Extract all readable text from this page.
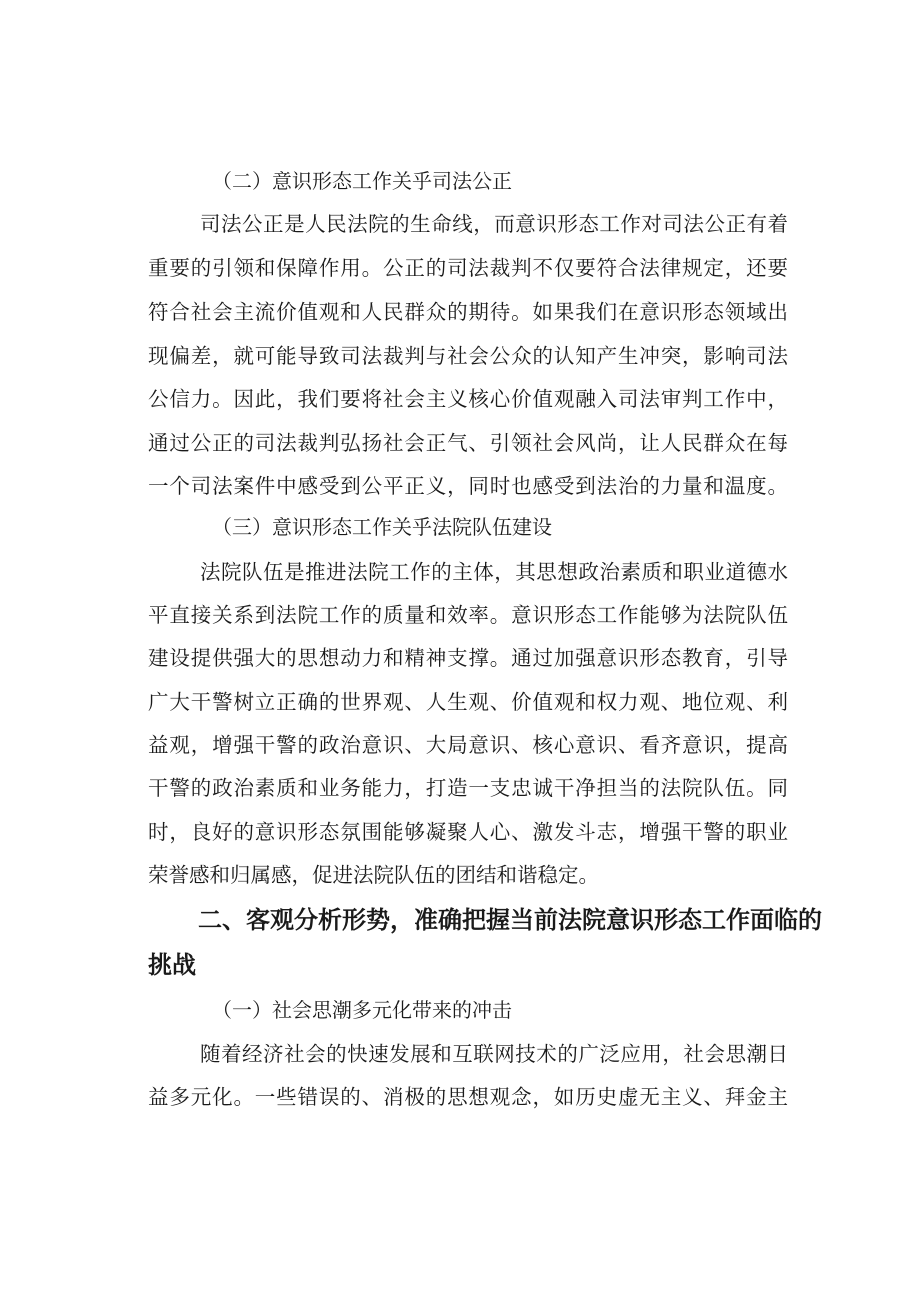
（二）意识形态工作关乎司法公正
司法公正是人民法院的生命线，而意识形态工作对司法公正有着
重要的引领和保障作用。公正的司法裁判不仅要符合法律规定，还要
符合社会主流价值观和人民群众的期待。如果我们在意识形态领域出
现偏差，就可能导致司法裁判与社会公众的认知产生冲突，影响司法
公信力。因此，我们要将社会主义核心价值观融入司法审判工作中，
通过公正的司法裁判弘扬社会正气、引领社会风尚，让人民群众在每
一个司法案件中感受到公平正义，同时也感受到法治的力量和温度。
（三）意识形态工作关乎法院队伍建设
法院队伍是推进法院工作的主体，其思想政治素质和职业道德水
平直接关系到法院工作的质量和效率。意识形态工作能够为法院队伍
建设提供强大的思想动力和精神支撑。通过加强意识形态教育，引导
广大干警树立正确的世界观、人生观、价值观和权力观、地位观、利
益观，增强干警的政治意识、大局意识、核心意识、看齐意识，提高
干警的政治素质和业务能力，打造一支忠诚干净担当的法院队伍。同
时，良好的意识形态氛围能够凝聚人心、激发斗志，增强干警的职业
荣誉感和归属感，促进法院队伍的团结和谐稳定。
二、客观分析形势，准确把握当前法院意识形态工作面临的
挑战
（一）社会思潮多元化带来的冲击
随着经济社会的快速发展和互联网技术的广泛应用，社会思潮日
益多元化。一些错误的、消极的思想观念，如历史虚无主义、拜金主
